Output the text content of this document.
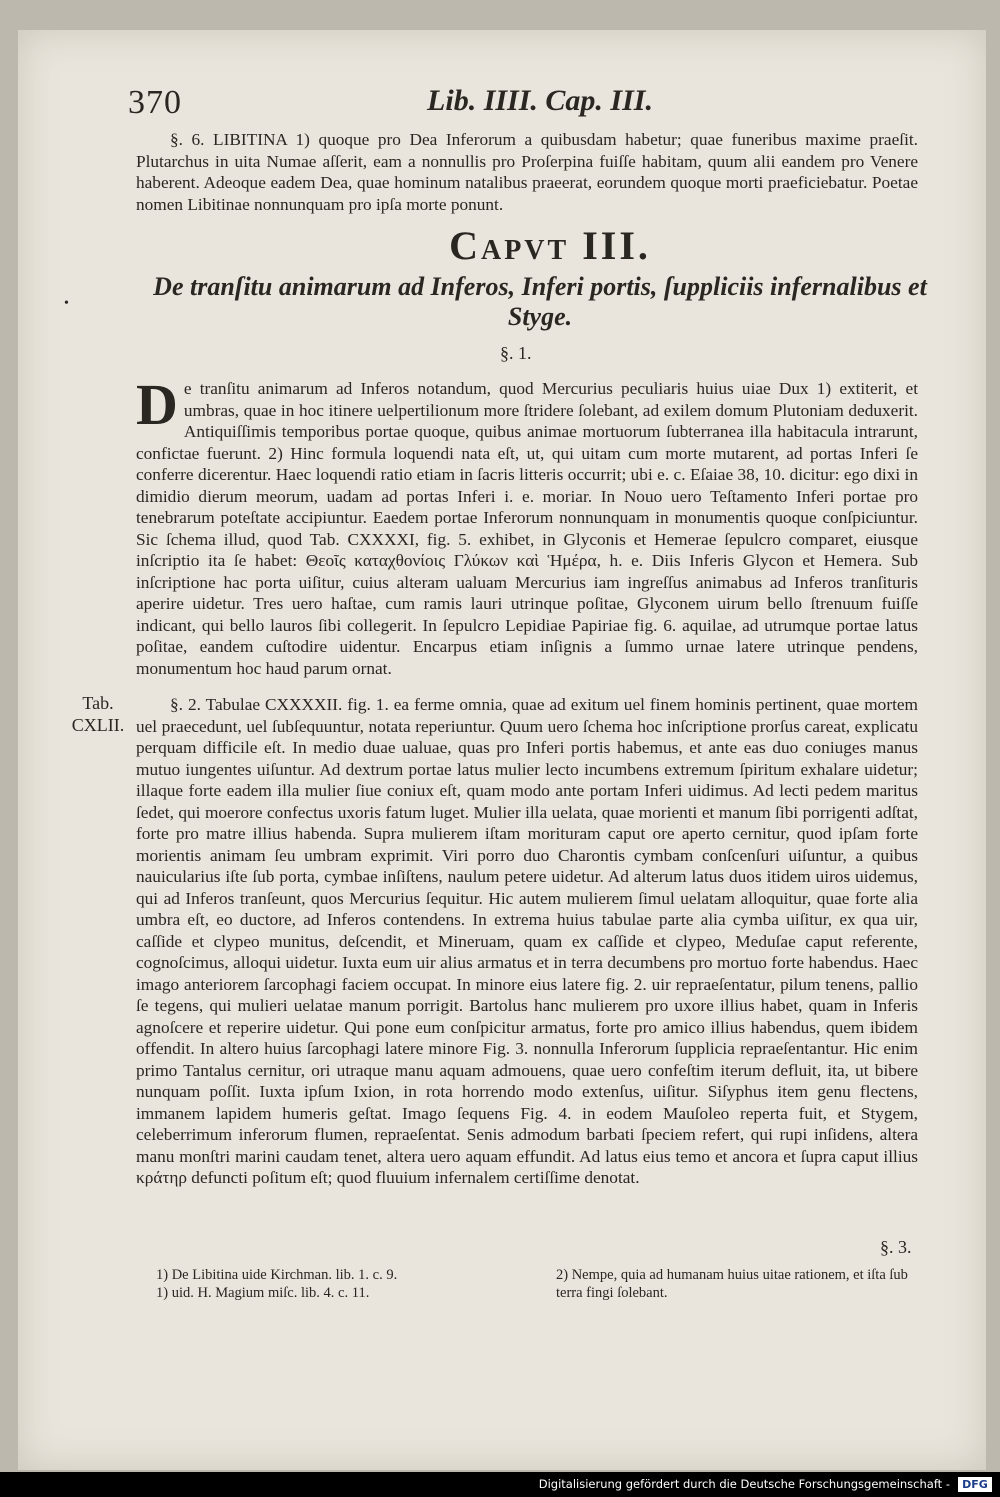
370	Lib. IIII. Cap. III.

§. 6. LIBITINA 1) quoque pro Dea Inferorum a quibusdam habetur; quae funeribus maxime praeſit. Plutarchus in uita Numae aſſerit, eam a nonnullis pro Proſerpina fuiſſe habitam, quum alii eandem pro Venere haberent. Adeoque eadem Dea, quae hominum natalibus praeerat, eorundem quoque morti praeficiebatur. Poetae nomen Libitinae nonnunquam pro ipſa morte ponunt.

Capvt III.
De tranſitu animarum ad Inferos, Inferi portis, ſuppliciis infernalibus et Styge.
•
§. 1.
D e tranſitu animarum ad Inferos notandum, quod Mercurius peculiaris huius uiae Dux 1) extiterit, et umbras, quae in hoc itinere uelpertilionum more ſtridere ſolebant, ad exilem domum Plutoniam deduxerit. Antiquiſſimis temporibus portae quoque, quibus animae mortuorum ſubterranea illa habitacula intrarunt, confictae fuerunt. 2) Hinc formula loquendi nata eſt, ut, qui uitam cum morte mutarent, ad portas Inferi ſe conferre dicerentur. Haec loquendi ratio etiam in ſacris litteris occurrit; ubi e. c. Eſaiae 38, 10. dicitur: ego dixi in dimidio dierum meorum, uadam ad portas Inferi i. e. moriar. In Nouo uero Teſtamento Inferi portae pro tenebrarum poteſtate accipiuntur. Eaedem portae Inferorum nonnunquam in monumentis quoque conſpiciuntur. Sic ſchema illud, quod Tab. CXXXXI, fig. 5. exhibet, in Glyconis et Hemerae ſepulcro comparet, eiusque inſcriptio ita ſe habet: Θεοῖς καταχθονίοις Γλύκων καὶ Ἡμέρα, h. e. Diis Inferis Glycon et Hemera. Sub inſcriptione hac porta uiſitur, cuius alteram ualuam Mercurius iam ingreſſus animabus ad Inferos tranſituris aperire uidetur. Tres uero haſtae, cum ramis lauri utrinque poſitae, Glyconem uirum bello ſtrenuum fuiſſe indicant, qui bello lauros ſibi collegerit. In ſepulcro Lepidiae Papiriae fig. 6. aquilae, ad utrumque portae latus poſitae, eandem cuſtodire uidentur. Encarpus etiam inſignis a ſummo urnae latere utrinque pendens, monumentum hoc haud parum ornat.

Tab.
CXLII.

§. 2. Tabulae CXXXXII. fig. 1. ea ferme omnia, quae ad exitum uel finem hominis pertinent, quae mortem uel praecedunt, uel ſubſequuntur, notata reperiuntur. Quum uero ſchema hoc inſcriptione prorſus careat, explicatu perquam difficile eſt. In medio duae ualuae, quas pro Inferi portis habemus, et ante eas duo coniuges manus mutuo iungentes uiſuntur. Ad dextrum portae latus mulier lecto incumbens extremum ſpiritum exhalare uidetur; illaque forte eadem illa mulier ſiue coniux eſt, quam modo ante portam Inferi uidimus. Ad lecti pedem maritus ſedet, qui moerore confectus uxoris fatum luget. Mulier illa uelata, quae morienti et manum ſibi porrigenti adſtat, forte pro matre illius habenda. Supra mulierem iſtam morituram caput ore aperto cernitur, quod ipſam forte morientis animam ſeu umbram exprimit. Viri porro duo Charontis cymbam conſcenſuri uiſuntur, a quibus nauicularius iſte ſub porta, cymbae inſiſtens, naulum petere uidetur. Ad alterum latus duos itidem uiros uidemus, qui ad Inferos tranſeunt, quos Mercurius ſequitur. Hic autem mulierem ſimul uelatam alloquitur, quae forte alia umbra eſt, eo ductore, ad Inferos contendens. In extrema huius tabulae parte alia cymba uiſitur, ex qua uir, caſſide et clypeo munitus, deſcendit, et Mineruam, quam ex caſſide et clypeo, Meduſae caput referente, cognoſcimus, alloqui uidetur. Iuxta eum uir alius armatus et in terra decumbens pro mortuo forte habendus. Haec imago anteriorem ſarcophagi faciem occupat. In minore eius latere fig. 2. uir repraeſentatur, pilum tenens, pallio ſe tegens, qui mulieri uelatae manum porrigit. Bartolus hanc mulierem pro uxore illius habet, quam in Inferis agnoſcere et reperire uidetur. Qui pone eum conſpicitur armatus, forte pro amico illius habendus, quem ibidem offendit. In altero huius ſarcophagi latere minore Fig. 3. nonnulla Inferorum ſupplicia repraeſentantur. Hic enim primo Tantalus cernitur, ori utraque manu aquam admouens, quae uero confeſtim iterum defluit, ita, ut bibere nunquam poſſit. Iuxta ipſum Ixion, in rota horrendo modo extenſus, uiſitur. Siſyphus item genu flectens, immanem lapidem humeris geſtat. Imago ſequens Fig. 4. in eodem Mauſoleo reperta fuit, et Stygem, celeberrimum inferorum flumen, repraeſentat. Senis admodum barbati ſpeciem refert, qui rupi inſidens, altera manu monſtri marini caudam tenet, altera uero aquam effundit. Ad latus eius temo et ancora et ſupra caput illius κράτηρ defuncti poſitum eſt; quod fluuium infernalem certiſſime denotat.

§. 3.
1) De Libitina uide Kirchman. lib. 1. c. 9.
1) uid. H. Magium miſc. lib. 4. c. 11.
2) Nempe, quia ad humanam huius uitae rationem, et iſta ſub terra fingi ſolebant.
Digitalisierung gefördert durch die Deutsche Forschungsgemeinschaft -	DFG
